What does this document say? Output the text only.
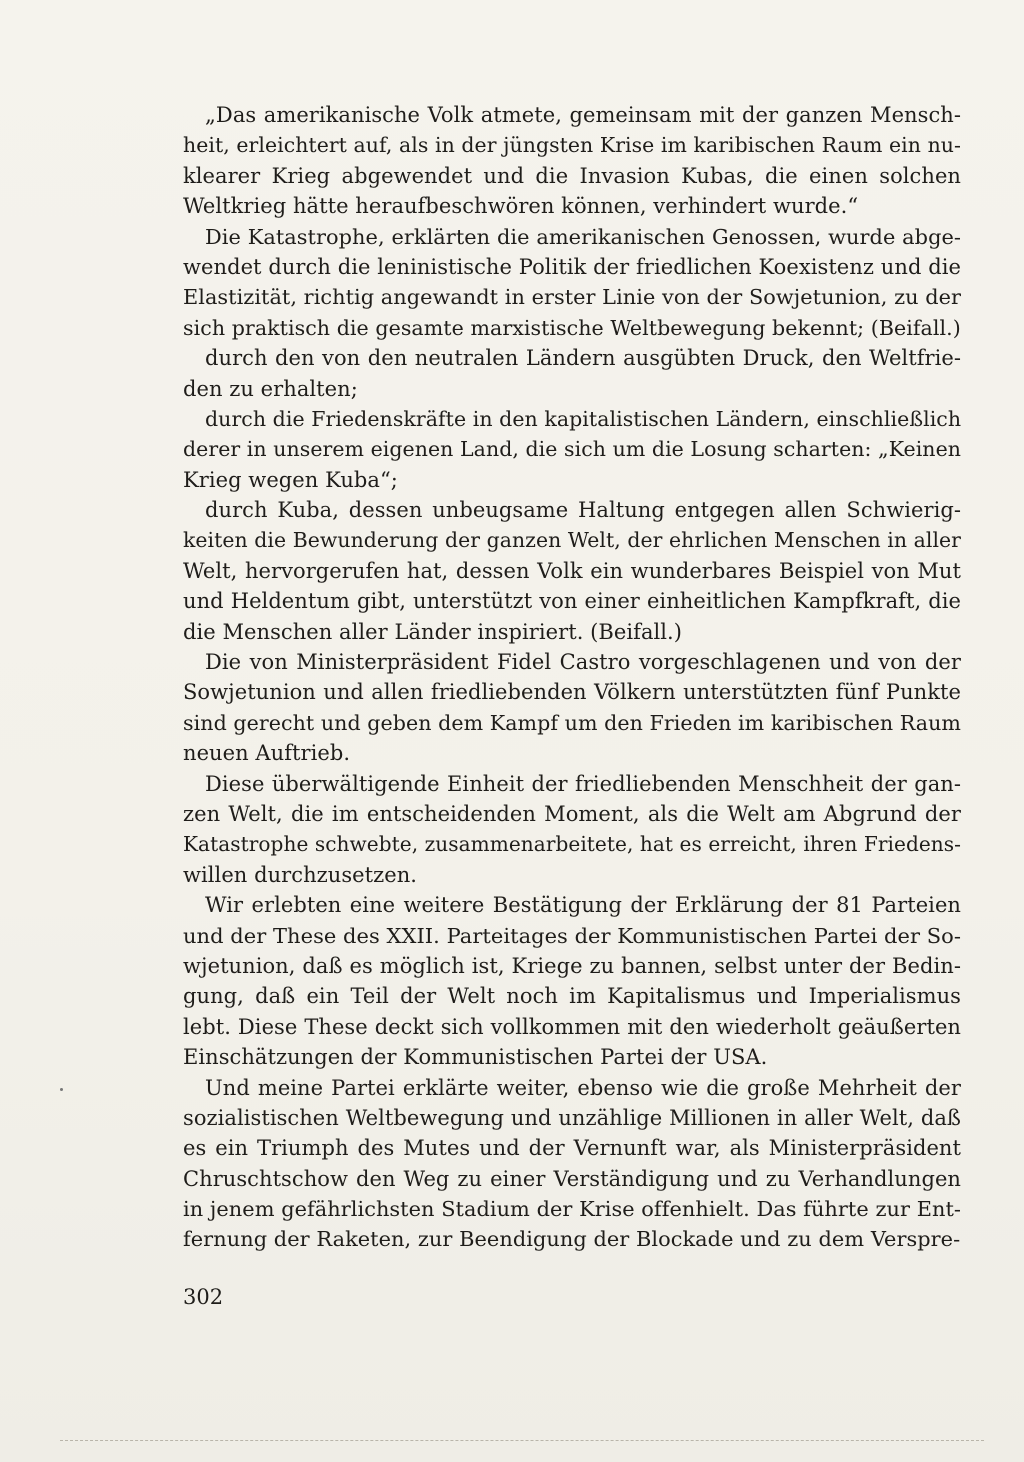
„Das amerikanische Volk atmete, gemeinsam mit der ganzen Mensch-
heit, erleichtert auf, als in der jüngsten Krise im karibischen Raum ein nu-
klearer Krieg abgewendet und die Invasion Kubas, die einen solchen
Weltkrieg hätte heraufbeschwören können, verhindert wurde.“
Die Katastrophe, erklärten die amerikanischen Genossen, wurde abge-
wendet durch die leninistische Politik der friedlichen Koexistenz und die
Elastizität, richtig angewandt in erster Linie von der Sowjetunion, zu der
sich praktisch die gesamte marxistische Weltbewegung bekennt; (Beifall.)
durch den von den neutralen Ländern ausgübten Druck, den Weltfrie-
den zu erhalten;
durch die Friedenskräfte in den kapitalistischen Ländern, einschließlich
derer in unserem eigenen Land, die sich um die Losung scharten: „Keinen
Krieg wegen Kuba“;
durch Kuba, dessen unbeugsame Haltung entgegen allen Schwierig-
keiten die Bewunderung der ganzen Welt, der ehrlichen Menschen in aller
Welt, hervorgerufen hat, dessen Volk ein wunderbares Beispiel von Mut
und Heldentum gibt, unterstützt von einer einheitlichen Kampfkraft, die
die Menschen aller Länder inspiriert. (Beifall.)
Die von Ministerpräsident Fidel Castro vorgeschlagenen und von der
Sowjetunion und allen friedliebenden Völkern unterstützten fünf Punkte
sind gerecht und geben dem Kampf um den Frieden im karibischen Raum
neuen Auftrieb.
Diese überwältigende Einheit der friedliebenden Menschheit der gan-
zen Welt, die im entscheidenden Moment, als die Welt am Abgrund der
Katastrophe schwebte, zusammenarbeitete, hat es erreicht, ihren Friedens-
willen durchzusetzen.
Wir erlebten eine weitere Bestätigung der Erklärung der 81 Parteien
und der These des XXII. Parteitages der Kommunistischen Partei der So-
wjetunion, daß es möglich ist, Kriege zu bannen, selbst unter der Bedin-
gung, daß ein Teil der Welt noch im Kapitalismus und Imperialismus
lebt. Diese These deckt sich vollkommen mit den wiederholt geäußerten
Einschätzungen der Kommunistischen Partei der USA.
Und meine Partei erklärte weiter, ebenso wie die große Mehrheit der
sozialistischen Weltbewegung und unzählige Millionen in aller Welt, daß
es ein Triumph des Mutes und der Vernunft war, als Ministerpräsident
Chruschtschow den Weg zu einer Verständigung und zu Verhandlungen
in jenem gefährlichsten Stadium der Krise offenhielt. Das führte zur Ent-
fernung der Raketen, zur Beendigung der Blockade und zu dem Verspre-
302
